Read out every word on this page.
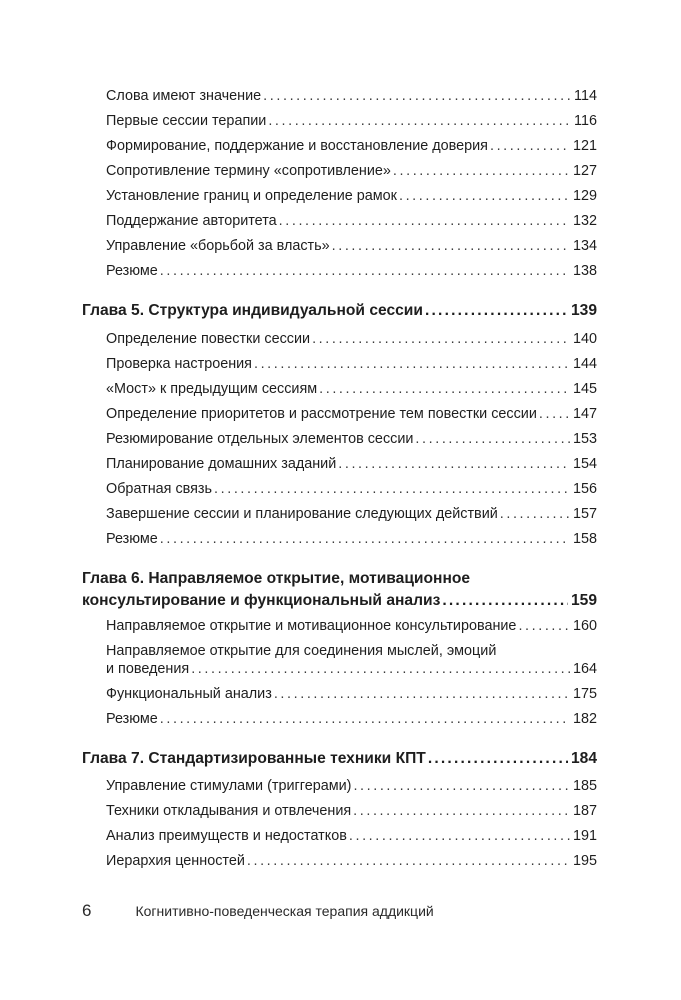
Слова имеют значение .....	114
Первые сессии терапии .....	116
Формирование, поддержание и восстановление доверия .....	121
Сопротивление термину «сопротивление» .....	127
Установление границ и определение рамок .....	129
Поддержание авторитета .....	132
Управление «борьбой за власть» .....	134
Резюме .....	138
Глава 5. Структура индивидуальной сессии .....	139
Определение повестки сессии .....	140
Проверка настроения .....	144
«Мост» к предыдущим сессиям .....	145
Определение приоритетов и рассмотрение тем повестки сессии .....	147
Резюмирование отдельных элементов сессии .....	153
Планирование домашних заданий .....	154
Обратная связь .....	156
Завершение сессии и планирование следующих действий .....	157
Резюме .....	158
Глава 6. Направляемое открытие, мотивационное
консультирование и функциональный анализ .....	159
Направляемое открытие и мотивационное консультирование .....	160
Направляемое открытие для соединения мыслей, эмоций
и поведения .....	164
Функциональный анализ .....	175
Резюме .....	182
Глава 7. Стандартизированные техники КПТ .....	184
Управление стимулами (триггерами) .....	185
Техники откладывания и отвлечения .....	187
Анализ преимуществ и недостатков .....	191
Иерархия ценностей .....	195
6	Когнитивно-поведенческая терапия аддикций
